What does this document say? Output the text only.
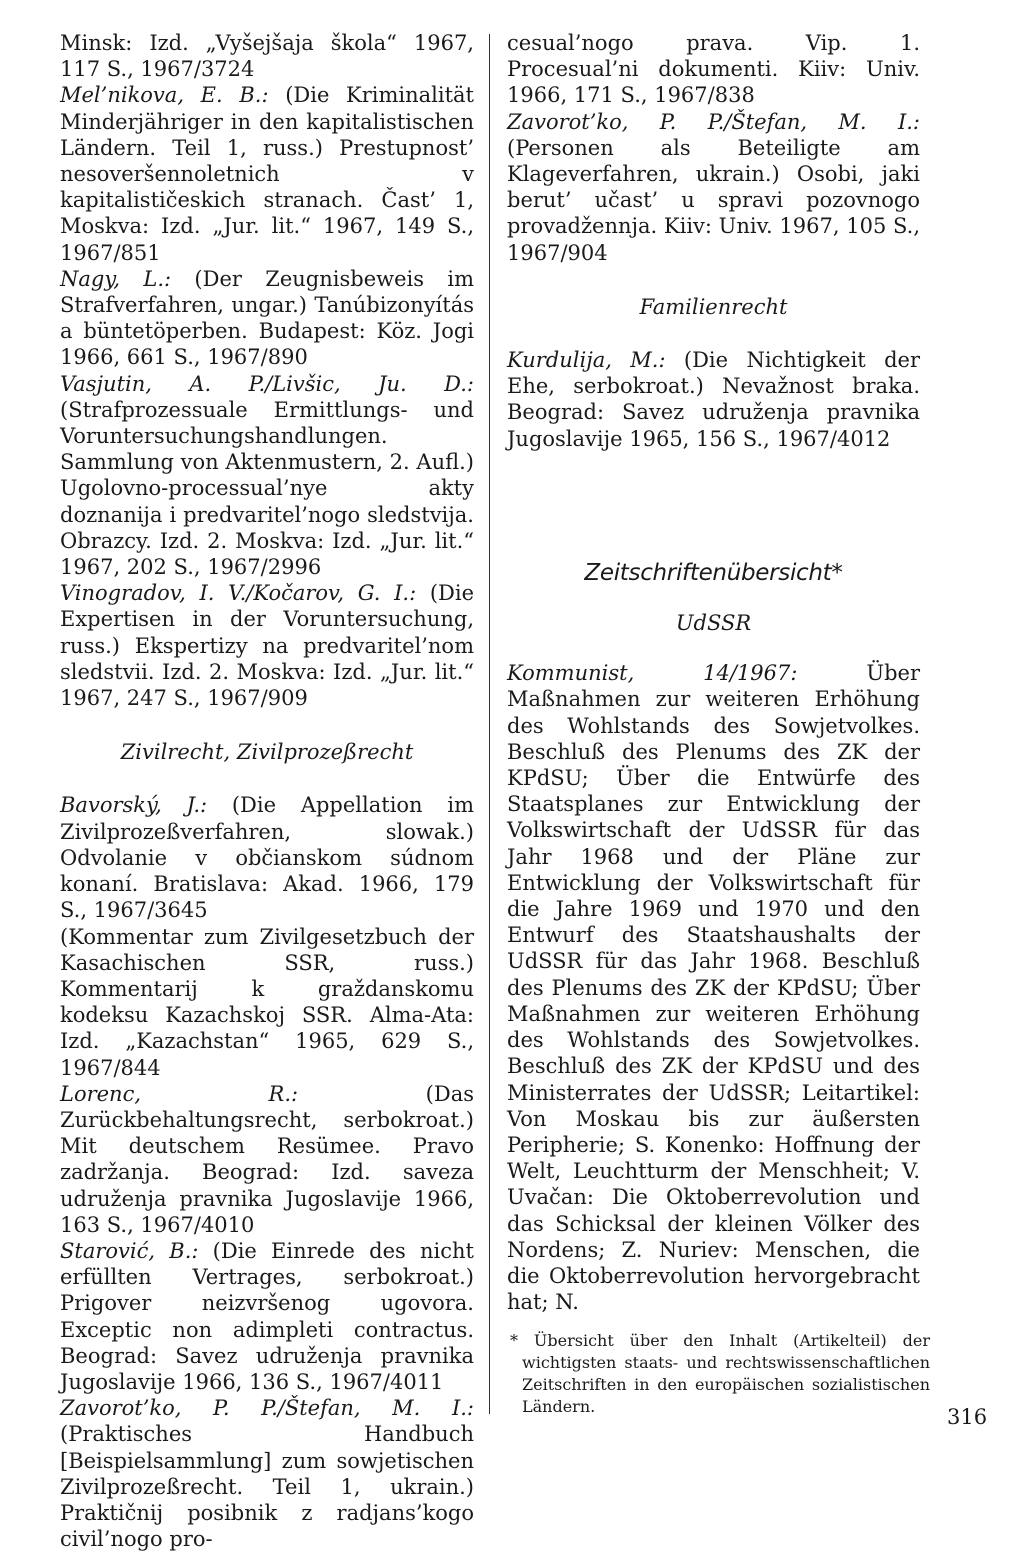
Minsk: Izd. „Vyšejšaja škola“ 1967, 117 S., 1967/3724

Mel’nikova, E. B.: (Die Kriminalität Minderjähriger in den kapitalistischen Ländern. Teil 1, russ.) Prestupnost’ nesoveršennoletnich v kapitalističeskich stranach. Čast’ 1, Moskva: Izd. „Jur. lit.“ 1967, 149 S., 1967/851

Nagy, L.: (Der Zeugnisbeweis im Strafverfahren, ungar.) Tanúbizonyítás a büntetöperben. Budapest: Köz. Jogi 1966, 661 S., 1967/890

Vasjutin, A. P./Livšic, Ju. D.: (Strafprozessuale Ermittlungs- und Voruntersuchungshandlungen. Sammlung von Aktenmustern, 2. Aufl.) Ugolovno-processual’nye akty doznanija i predvaritel’nogo sledstvija. Obrazcy. Izd. 2. Moskva: Izd. „Jur. lit.“ 1967, 202 S., 1967/2996

Vinogradov, I. V./Kočarov, G. I.: (Die Expertisen in der Voruntersuchung, russ.) Ekspertizy na predvaritel’nom sledstvii. Izd. 2. Moskva: Izd. „Jur. lit.“ 1967, 247 S., 1967/909

Zivilrecht, Zivilprozeßrecht

Bavorský, J.: (Die Appellation im Zivilprozeßverfahren, slowak.) Odvolanie v občianskom súdnom konaní. Bratislava: Akad. 1966, 179 S., 1967/3645

(Kommentar zum Zivilgesetzbuch der Kasachischen SSR, russ.) Kommentarij k graždanskomu kodeksu Kazachskoj SSR. Alma-Ata: Izd. „Kazachstan“ 1965, 629 S., 1967/844

Lorenc, R.: (Das Zurückbehaltungsrecht, serbokroat.) Mit deutschem Resümee. Pravo zadržanja. Beograd: Izd. saveza udruženja pravnika Jugoslavije 1966, 163 S., 1967/4010

Starović, B.: (Die Einrede des nicht erfüllten Vertrages, serbokroat.) Prigover neizvršenog ugovora. Exceptic non adimpleti contractus. Beograd: Savez udruženja pravnika Jugoslavije 1966, 136 S., 1967/4011

Zavorot’ko, P. P./Štefan, M. I.: (Praktisches Handbuch [Beispielsammlung] zum sowjetischen Zivilprozeßrecht. Teil 1, ukrain.) Praktičnij posibnik z radjans’kogo civil’nogo pro-

cesual’nogo prava. Vip. 1. Procesual’ni dokumenti. Kiiv: Univ. 1966, 171 S., 1967/838

Zavorot’ko, P. P./Štefan, M. I.: (Personen als Beteiligte am Klageverfahren, ukrain.) Osobi, jaki berut’ učast’ u spravi pozovnogo provadžennja. Kiiv: Univ. 1967, 105 S., 1967/904

Familienrecht

Kurdulija, M.: (Die Nichtigkeit der Ehe, serbokroat.) Nevažnost braka. Beograd: Savez udruženja pravnika Jugoslavije 1965, 156 S., 1967/4012

Zeitschriftenübersicht*
UdSSR

Kommunist, 14/1967: Über Maßnahmen zur weiteren Erhöhung des Wohlstands des Sowjetvolkes. Beschluß des Plenums des ZK der KPdSU; Über die Entwürfe des Staatsplanes zur Entwicklung der Volkswirtschaft der UdSSR für das Jahr 1968 und der Pläne zur Entwicklung der Volkswirtschaft für die Jahre 1969 und 1970 und den Entwurf des Staatshaushalts der UdSSR für das Jahr 1968. Beschluß des Plenums des ZK der KPdSU; Über Maßnahmen zur weiteren Erhöhung des Wohlstands des Sowjetvolkes. Beschluß des ZK der KPdSU und des Ministerrates der UdSSR; Leitartikel: Von Moskau bis zur äußersten Peripherie; S. Konenko: Hoffnung der Welt, Leuchtturm der Menschheit; V. Uvačan: Die Oktoberrevolution und das Schicksal der kleinen Völker des Nordens; Z. Nuriev: Menschen, die die Oktoberrevolution hervorgebracht hat; N.

* Übersicht über den Inhalt (Artikelteil) der wichtigsten staats- und rechtswissenschaftlichen Zeitschriften in den europäischen sozialistischen Ländern.	316
